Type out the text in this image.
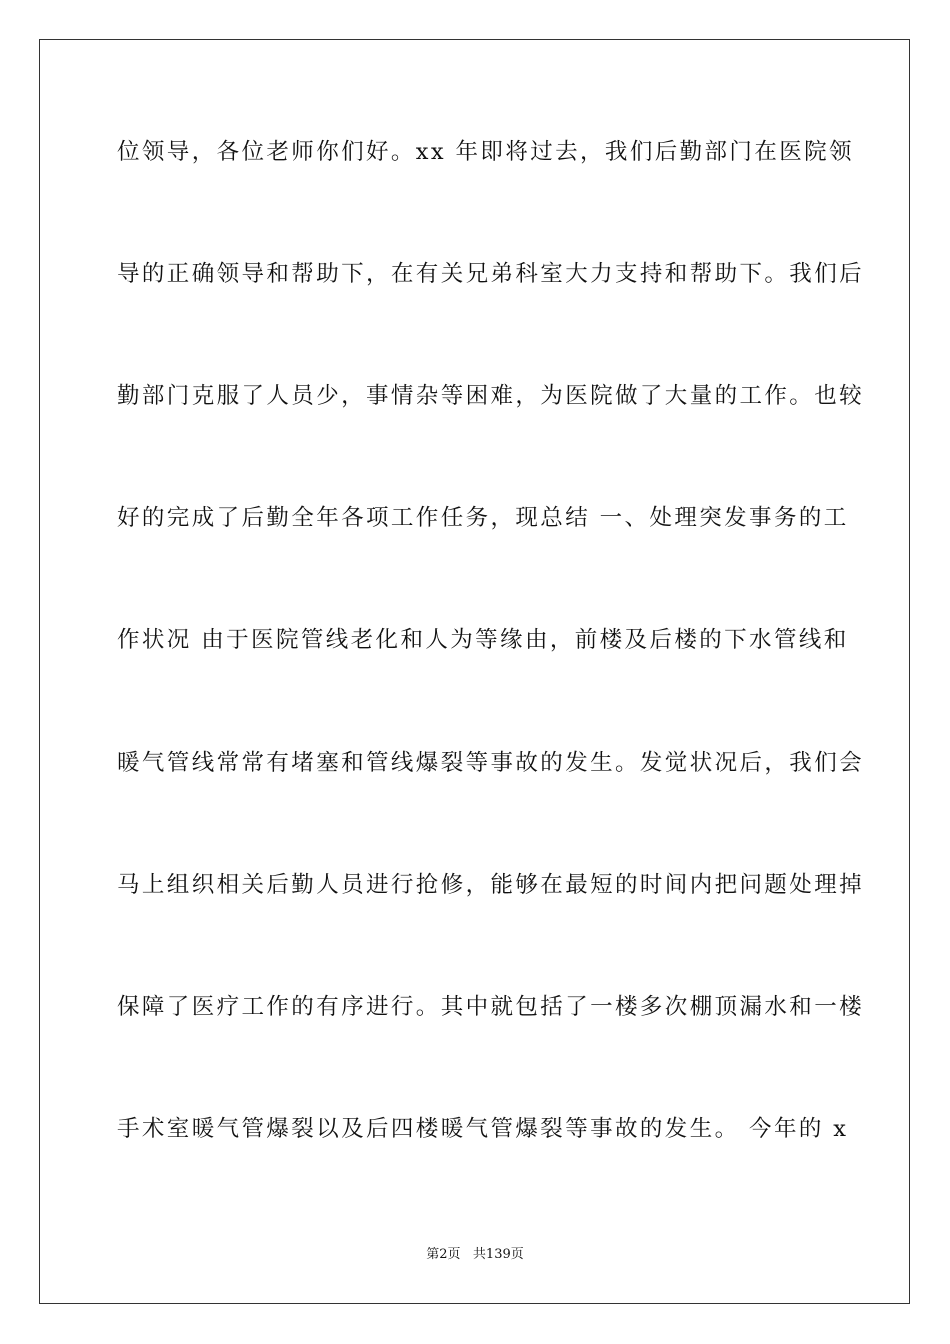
位领导，各位老师你们好。xx 年即将过去，我们后勤部门在医院领
导的正确领导和帮助下，在有关兄弟科室大力支持和帮助下。我们后
勤部门克服了人员少，事情杂等困难，为医院做了大量的工作。也较
好的完成了后勤全年各项工作任务，现总结 一、处理突发事务的工
作状况 由于医院管线老化和人为等缘由，前楼及后楼的下水管线和
暖气管线常常有堵塞和管线爆裂等事故的发生。发觉状况后，我们会
马上组织相关后勤人员进行抢修，能够在最短的时间内把问题处理掉
保障了医疗工作的有序进行。其中就包括了一楼多次棚顶漏水和一楼
手术室暖气管爆裂以及后四楼暖气管爆裂等事故的发生。 今年的 x
第2页   共139页
